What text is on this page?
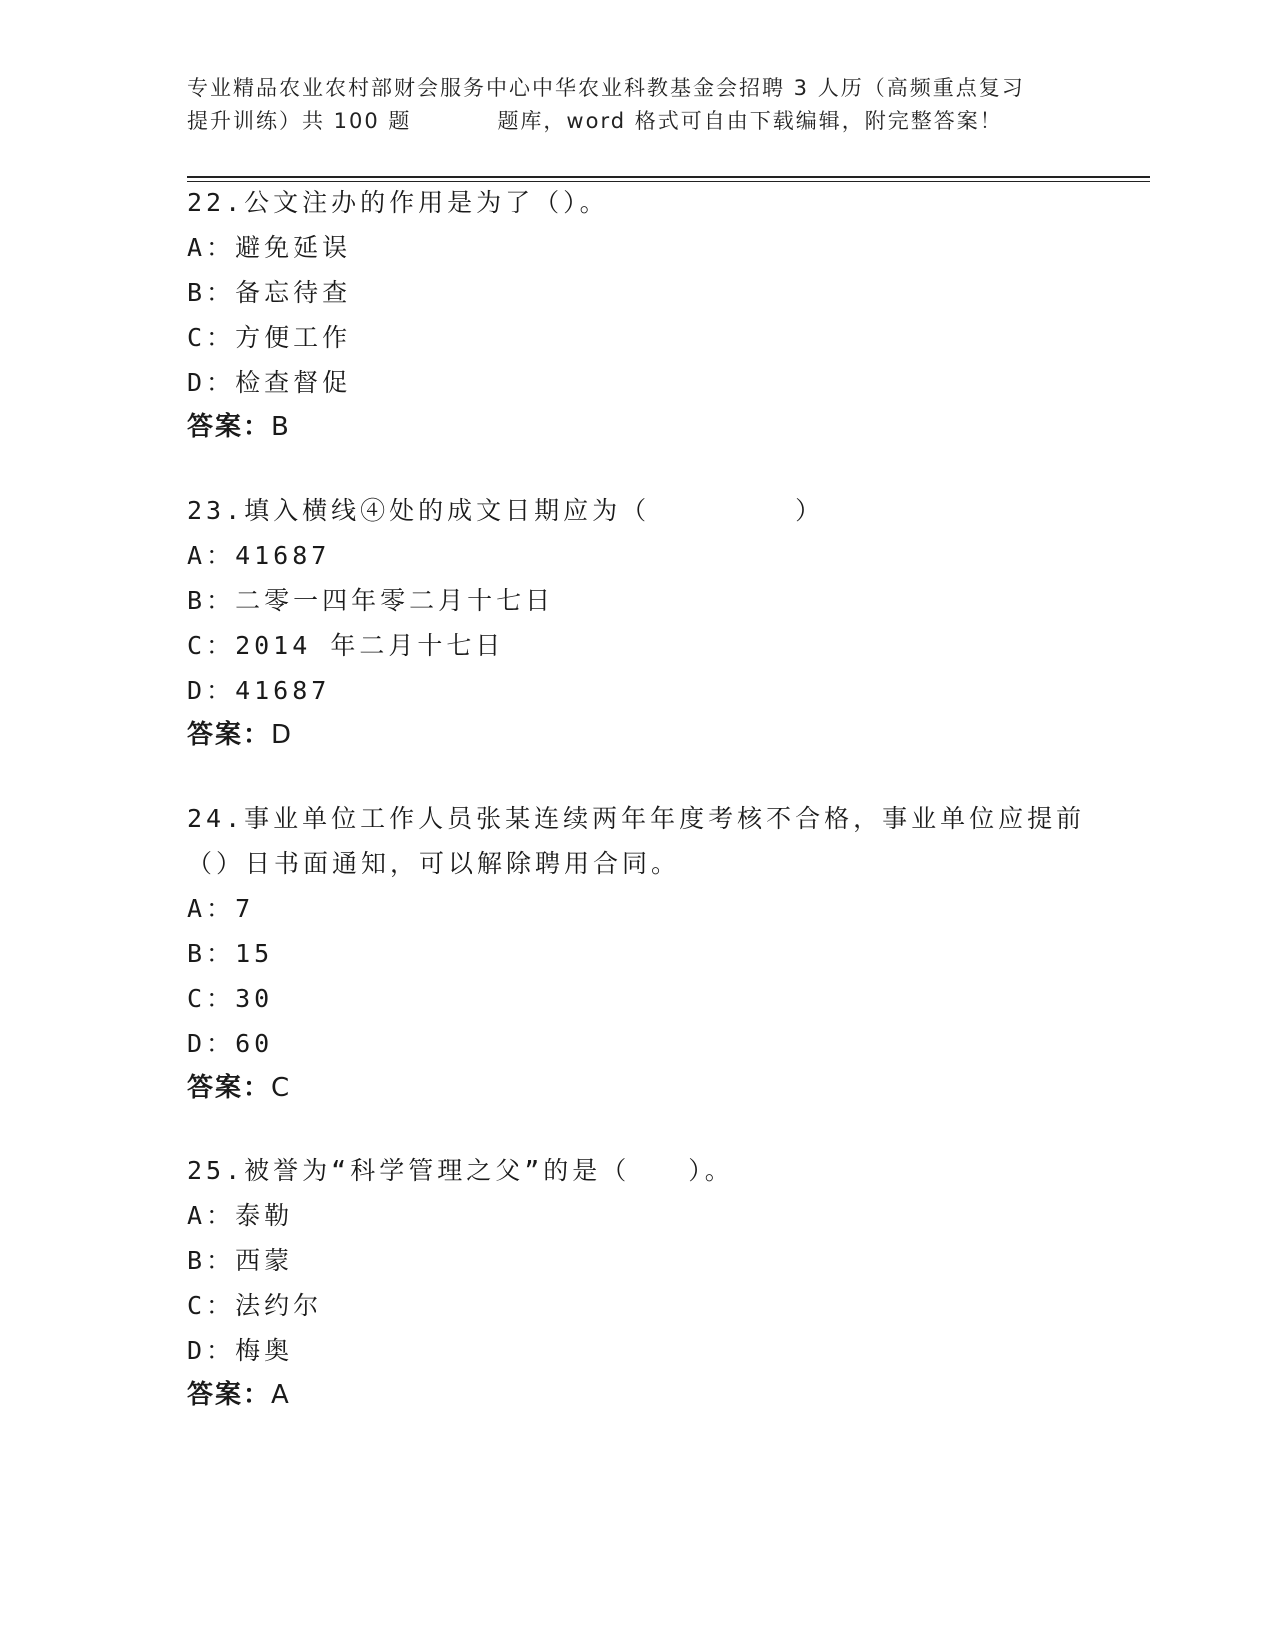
专业精品农业农村部财会服务中心中华农业科教基金会招聘 3 人历（高频重点复习
提升训练）共 100 题	题库，word 格式可自由下载编辑，附完整答案！
22.公文注办的作用是为了（）。
A：避免延误
B：备忘待查
C：方便工作
D：检查督促
答案：B
23.填入横线④处的成文日期应为（　　　　　）
A：41687
B：二零一四年零二月十七日
C：2014 年二月十七日
D：41687
答案：D
24.事业单位工作人员张某连续两年年度考核不合格，事业单位应提前
（）日书面通知，可以解除聘用合同。
A：7
B：15
C：30
D：60
答案：C
25.被誉为“科学管理之父”的是（　　）。
A：泰勒
B：西蒙
C：法约尔
D：梅奥
答案：A
